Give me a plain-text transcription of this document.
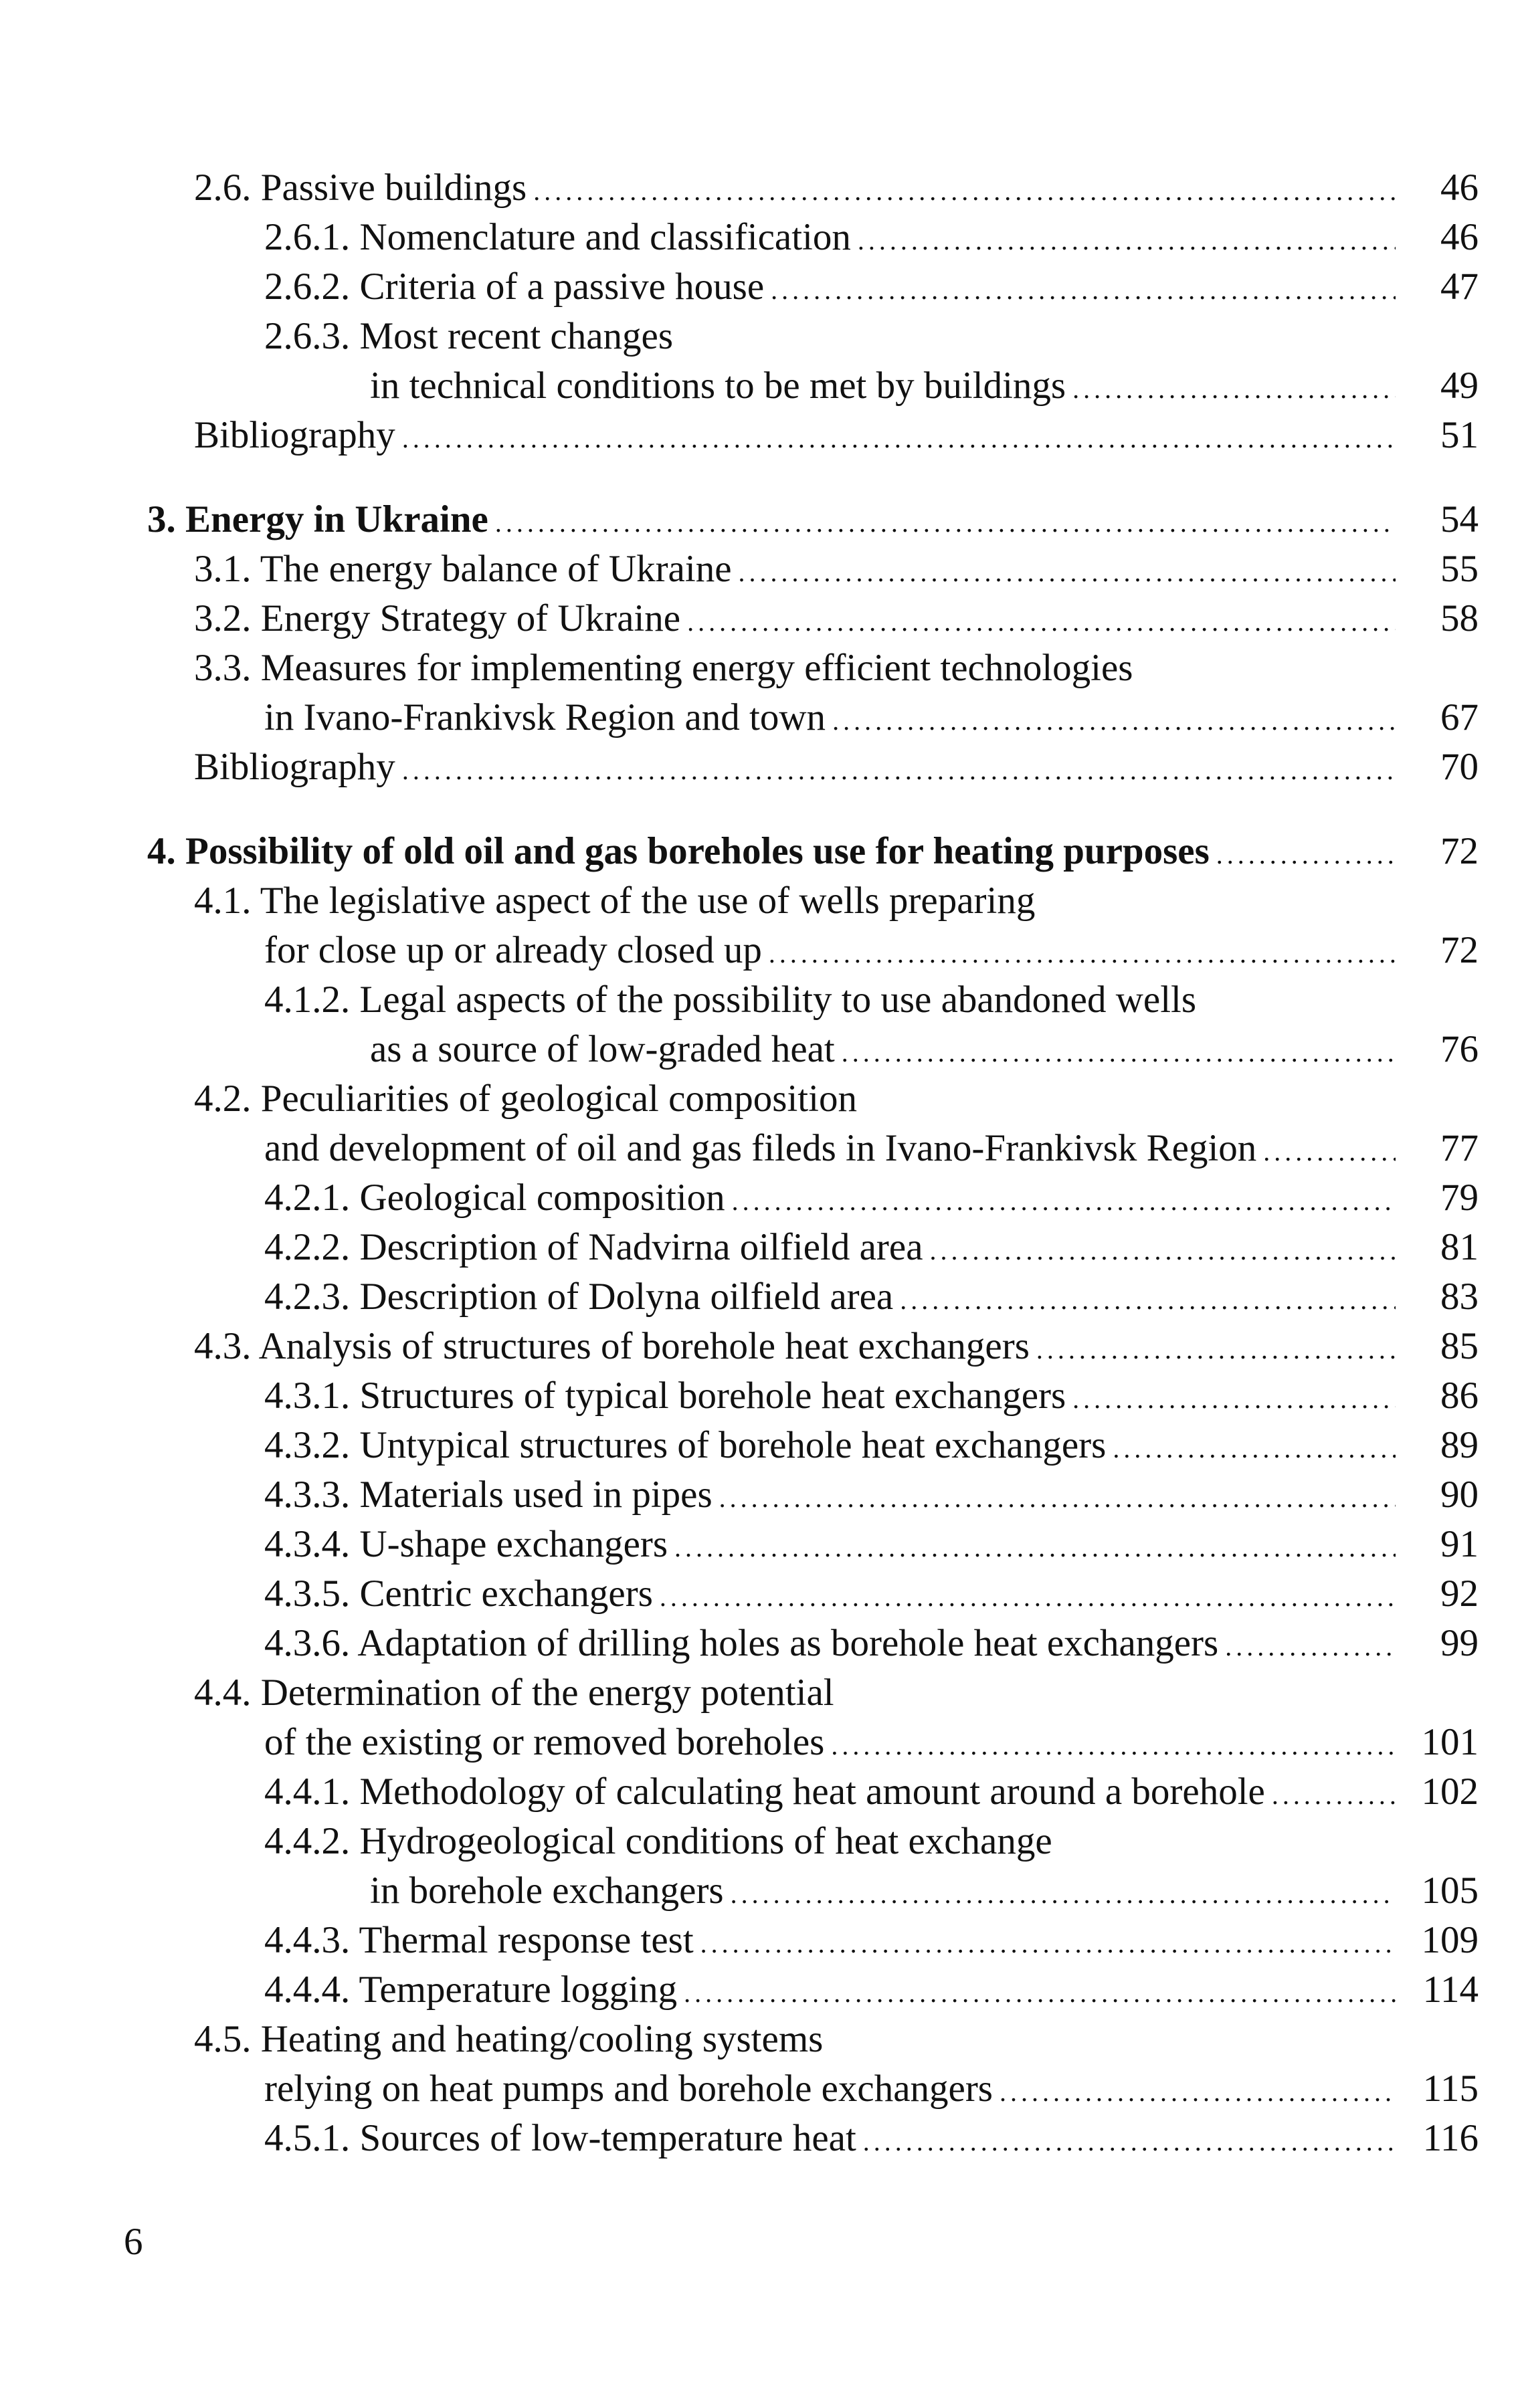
2.6. Passive buildings . . .	46
2.6.1. Nomenclature and classification . . .	46
2.6.2. Criteria of a passive house . . .	47
2.6.3. Most recent changes
in technical conditions to be met by buildings . . .	49
Bibliography . . .	51
3. Energy in Ukraine . . .	54
3.1. The energy balance of Ukraine . . .	55
3.2. Energy Strategy of Ukraine . . .	58
3.3. Measures for implementing energy efficient technologies
in Ivano-Frankivsk Region and town . . .	67
Bibliography . . .	70
4. Possibility of old oil and gas boreholes use for heating purposes . . .	72
4.1. The legislative aspect of the use of wells preparing
for close up or already closed up . . .	72
4.1.2. Legal aspects of the possibility to use abandoned wells
as a source of low-graded heat . . .	76
4.2. Peculiarities of geological composition
and development of oil and gas fileds in Ivano-Frankivsk Region . . .	77
4.2.1. Geological composition . . .	79
4.2.2. Description of Nadvirna oilfield area . . .	81
4.2.3. Description of Dolyna oilfield area . . .	83
4.3. Analysis of structures of borehole heat exchangers . . .	85
4.3.1. Structures of typical borehole heat exchangers . . .	86
4.3.2. Untypical structures of borehole heat exchangers . . .	89
4.3.3. Materials used in pipes . . .	90
4.3.4. U-shape exchangers . . .	91
4.3.5. Centric exchangers . . .	92
4.3.6. Adaptation of drilling holes as borehole heat exchangers . . .	99
4.4. Determination of the energy potential
of the existing or removed boreholes . . .	101
4.4.1. Methodology of calculating heat amount around a borehole . . .	102
4.4.2. Hydrogeological conditions of heat exchange
in borehole exchangers . . .	105
4.4.3. Thermal response test . . .	109
4.4.4. Temperature logging . . .	114
4.5. Heating and heating/cooling systems
relying on heat pumps and borehole exchangers . . .	115
4.5.1. Sources of low-temperature heat . . .	116
6
